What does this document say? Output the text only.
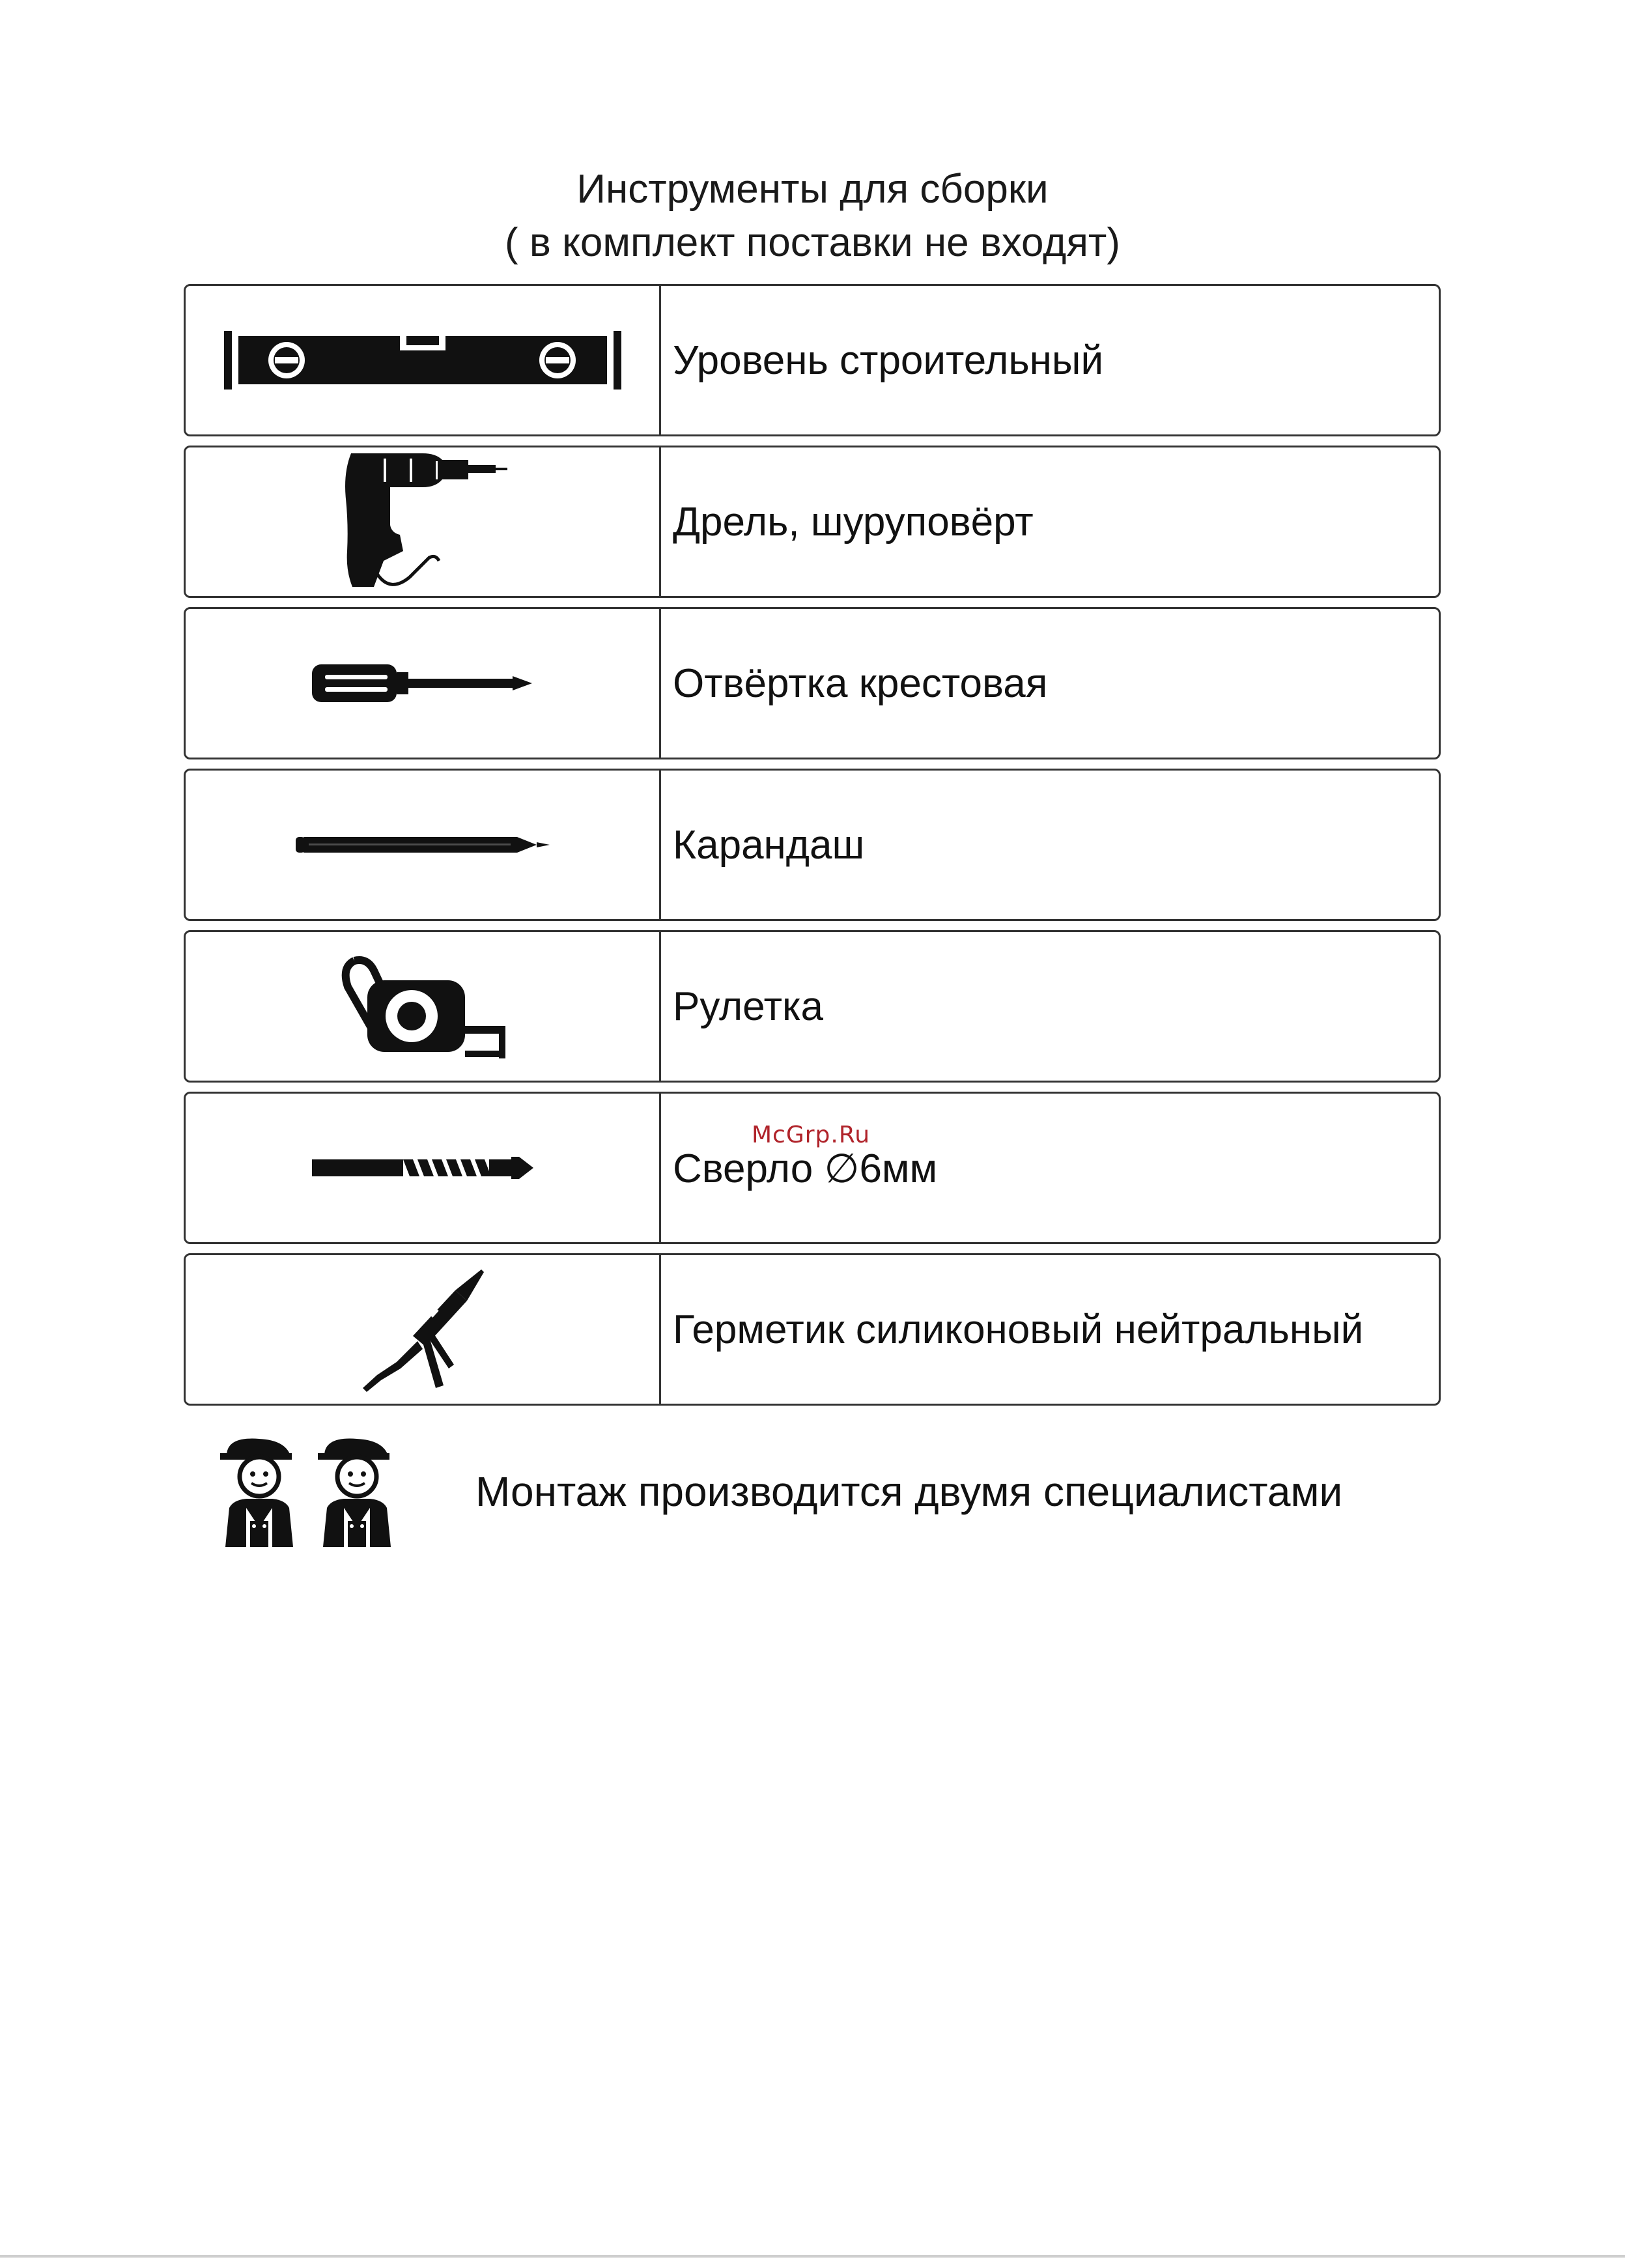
Инструменты для сборки
( в комплект поставки не входят)
Уровень строительный
Дрель, шуруповёрт
Отвёртка крестовая
Карандаш
Рулетка
Сверло ∅6мм
Герметик силиконовый нейтральный
McGrp.Ru
Монтаж производится двумя специалистами
